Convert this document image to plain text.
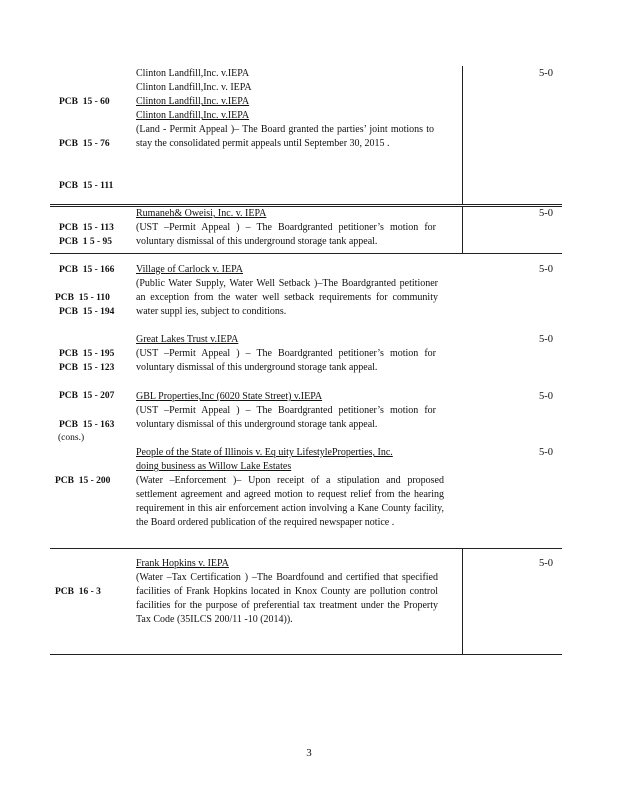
PCB  15 - 60

PCB  15 - 76

PCB  15 - 111

PCB  15 - 113

PCB  15 - 166

PCB  15 - 194

PCB  15 - 195

PCB  15 - 207

(cons.)

Clinton Landfill,Inc. v.IEPA
Clinton Landfill,Inc. v. IEPA
Clinton Landfill,Inc. v.IEPA
Clinton Landfill,Inc. v.IEPA
(Land - Permit Appeal )– The Board granted the parties’ joint motions to stay the consolidated permit appeals until September 30, 2015 .
5-0

PCB  1 5 - 95

Rumaneh& Oweisi, Inc. v. IEPA
(UST –Permit Appeal ) – The Boardgranted petitioner’s motion for voluntary dismissal of this underground storage tank appeal.
5-0

PCB  15 - 110

Village of Carlock v. IEPA
(Public Water Supply, Water Well Setback )–The Boardgranted petitioner an exception from the water well setback requirements for community water suppl ies, subject to conditions.
5-0

PCB  15 - 123

Great Lakes Trust v.IEPA
(UST –Permit Appeal ) – The Boardgranted petitioner’s motion for voluntary dismissal of this underground storage tank appeal.
5-0

PCB  15 - 163

GBL Properties,Inc (6020 State Street) v.IEPA
(UST –Permit Appeal ) – The Boardgranted petitioner’s motion for voluntary dismissal of this underground storage tank appeal.
5-0

PCB  15 - 200

People of the State of Illinois v. Eq uity LifestyleProperties, Inc.
doing business as Willow Lake Estates
(Water –Enforcement )– Upon receipt of a stipulation and proposed settlement agreement and agreed motion to request relief from the hearing requirement in this air enforcement action involving a Kane County facility, the Board ordered publication of the required newspaper notice .
5-0

PCB  16 - 3

Frank Hopkins v. IEPA
(Water –Tax Certification ) –The Boardfound and certified that specified facilities of Frank Hopkins located in Knox County are pollution control facilities for the purpose of preferential tax treatment under the Property Tax Code (35ILCS 200/11 -10 (2014)).
5-0
3
